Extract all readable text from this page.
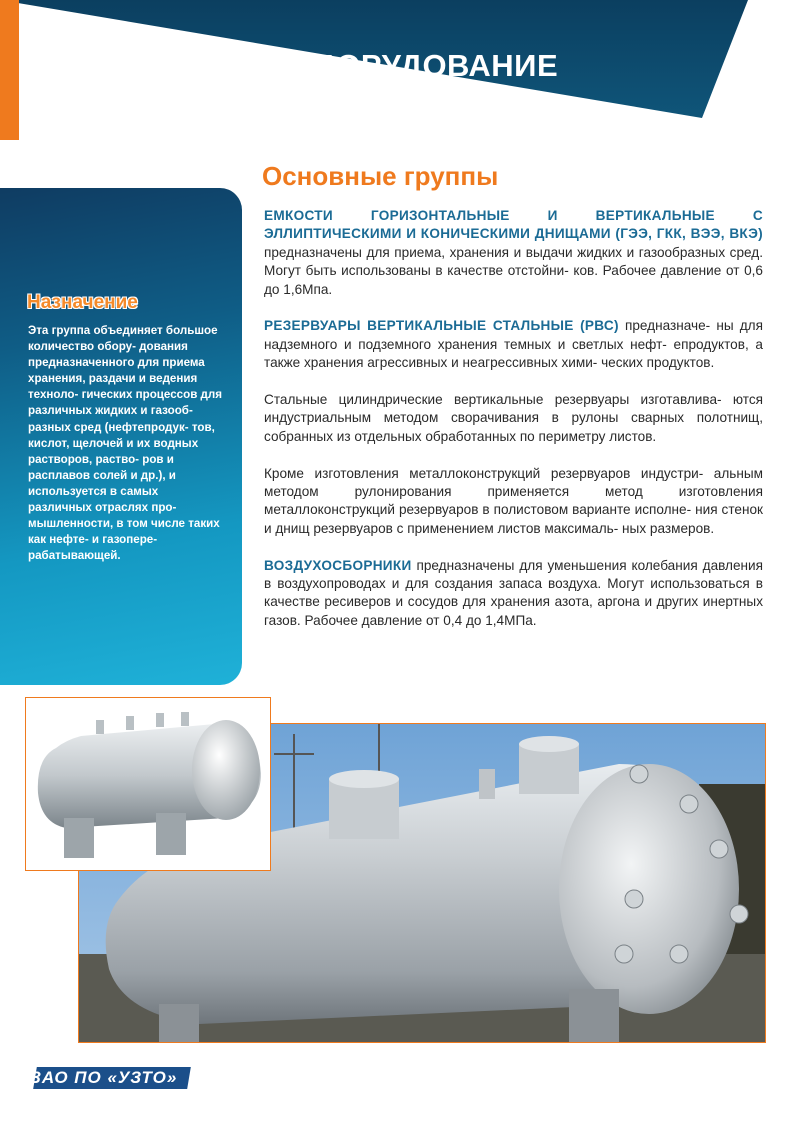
ЕМКОСТНОЕ ОБОРУДОВАНИЕ
Основные группы
Назначение
Эта группа объединяет большое количество обору- дования предназначенного для приема хранения, раздачи и ведения техноло- гических процессов для различных жидких и газооб- разных сред (нефтепродук- тов, кислот, щелочей и их водных растворов, раство- ров и расплавов солей и др.), и используется в самых различных отраслях про- мышленности, в том числе таких как нефте- и газопере- рабатывающей.

ЕМКОСТИ ГОРИЗОНТАЛЬНЫЕ И ВЕРТИКАЛЬНЫЕ С ЭЛЛИПТИЧЕСКИМИ И КОНИЧЕСКИМИ ДНИЩАМИ (ГЭЭ, ГКК, ВЭЭ, ВКЭ) предназначены для приема, хранения и выдачи жидких и газообразных сред. Могут быть использованы в качестве отстойни- ков. Рабочее давление от 0,6 до 1,6Мпа.

РЕЗЕРВУАРЫ ВЕРТИКАЛЬНЫЕ СТАЛЬНЫЕ (РВС) предназначе- ны для надземного и подземного хранения темных и светлых нефт- епродуктов, а также хранения агрессивных и неагрессивных хими- ческих продуктов.

Стальные цилиндрические вертикальные резервуары изготавлива- ются индустриальным методом сворачивания в рулоны сварных полотнищ, собранных из отдельных обработанных по периметру листов.

Кроме изготовления металлоконструкций резервуаров индустри- альным методом рулонирования применяется метод изготовления металлоконструкций резервуаров в полистовом варианте исполне- ния стенок и днищ резервуаров с применением листов максималь- ных размеров.

ВОЗДУХОСБОРНИКИ предназначены для уменьшения колебания давления в воздухопроводах и для создания запаса воздуха. Могут использоваться в качестве ресиверов и сосудов для хранения азота, аргона и других инертных газов. Рабочее давление от 0,4 до 1,4МПа.

ЗАО ПО «УЗТО»
